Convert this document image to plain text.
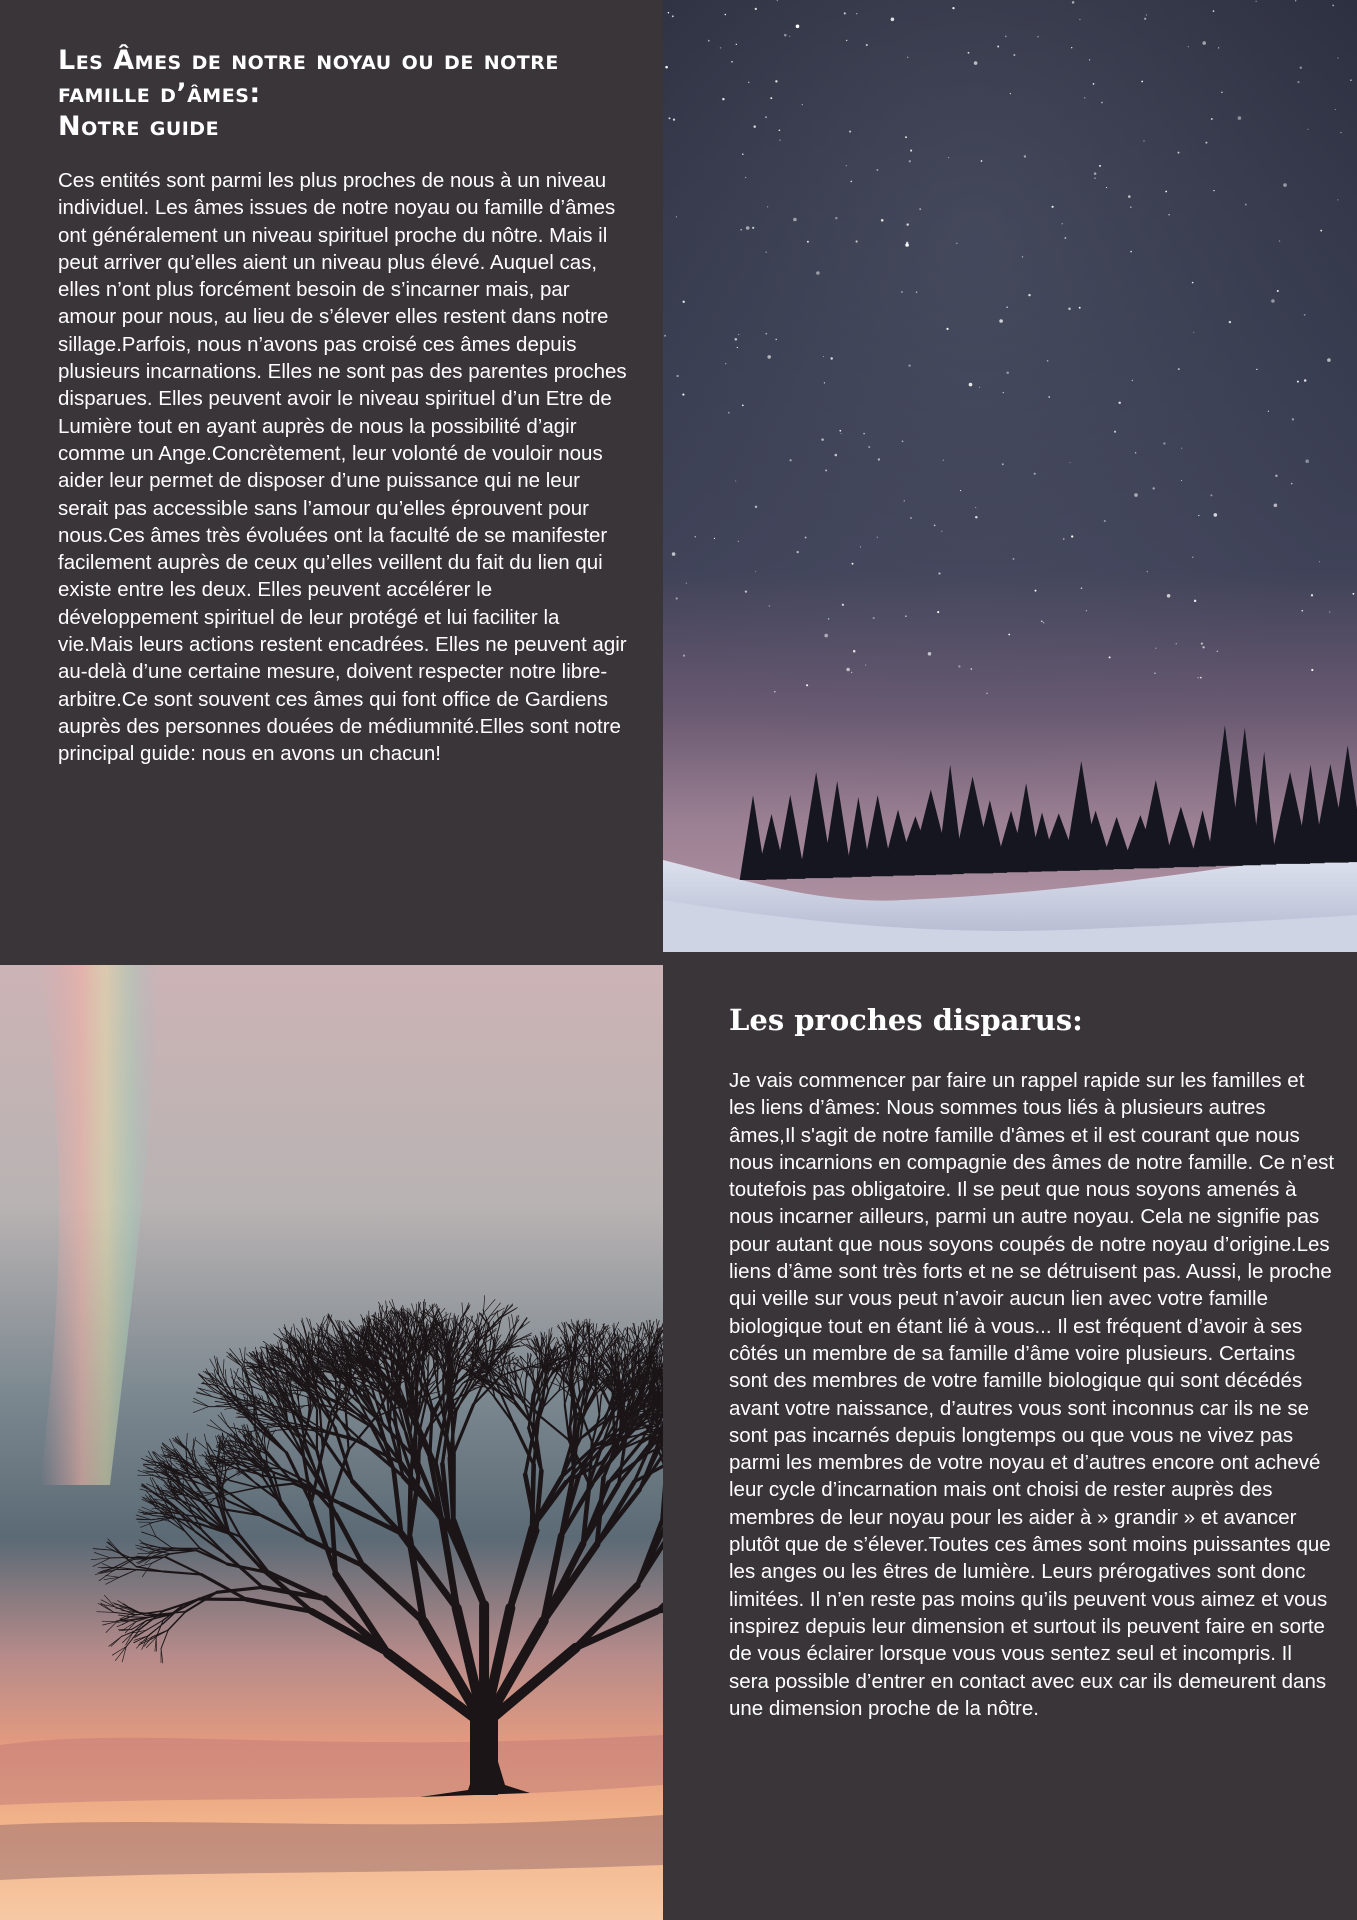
Les Âmes de notre noyau ou de notre
famille d’âmes:
Notre guide

Ces entités sont parmi les plus proches de nous à un niveau individuel. Les âmes issues de notre noyau ou famille d’âmes ont généralement un niveau spirituel proche du nôtre. Mais il peut arriver qu’elles aient un niveau plus élevé. Auquel cas, elles n’ont plus forcément besoin de s’incarner mais, par amour pour nous, au lieu de s’élever elles restent dans notre sillage.Parfois, nous n’avons pas croisé ces âmes depuis plusieurs incarnations. Elles ne sont pas des parentes proches disparues. Elles peuvent avoir le niveau spirituel d’un Etre de Lumière tout en ayant auprès de nous la possibilité d’agir comme un Ange.Concrètement, leur volonté de vouloir nous aider leur permet de disposer d’une puissance qui ne leur serait pas accessible sans l’amour qu’elles éprouvent pour nous.Ces âmes très évoluées ont la faculté de se manifester facilement auprès de ceux qu’elles veillent du fait du lien qui existe entre les deux. Elles peuvent accélérer le développement spirituel de leur protégé et lui faciliter la vie.Mais leurs actions restent encadrées. Elles ne peuvent agir au-delà d’une certaine mesure, doivent respecter notre libre-arbitre.Ce sont souvent ces âmes qui font office de Gardiens auprès des personnes douées de médiumnité.Elles sont notre principal guide: nous en avons un chacun!

Les proches disparus:

Je vais commencer par faire un rappel rapide sur les familles et les liens d’âmes: Nous sommes tous liés à plusieurs autres âmes,Il s'agit de notre famille d'âmes et il est courant que nous nous incarnions en compagnie des âmes de notre famille. Ce n’est toutefois pas obligatoire. Il se peut que nous soyons amenés à nous incarner ailleurs, parmi un autre noyau. Cela ne signifie pas pour autant que nous soyons coupés de notre noyau d’origine.Les liens d’âme sont très forts et ne se détruisent pas. Aussi, le proche qui veille sur vous peut n’avoir aucun lien avec votre famille biologique tout en étant lié à vous... Il est fréquent d’avoir à ses côtés un membre de sa famille d’âme voire plusieurs. Certains sont des membres de votre famille biologique qui sont décédés avant votre naissance, d’autres vous sont inconnus car ils ne se sont pas incarnés depuis longtemps ou que vous ne vivez pas parmi les membres de votre noyau et d’autres encore ont achevé leur cycle d’incarnation mais ont choisi de rester auprès des membres de leur noyau pour les aider à » grandir » et avancer plutôt que de s’élever.Toutes ces âmes sont moins puissantes que les anges ou les êtres de lumière. Leurs prérogatives sont donc limitées. Il n’en reste pas moins qu’ils peuvent vous aimez et vous inspirez depuis leur dimension et surtout ils peuvent faire en sorte de vous éclairer lorsque vous vous sentez seul et incompris. Il sera possible d’entrer en contact avec eux car ils demeurent dans une dimension proche de la nôtre.
